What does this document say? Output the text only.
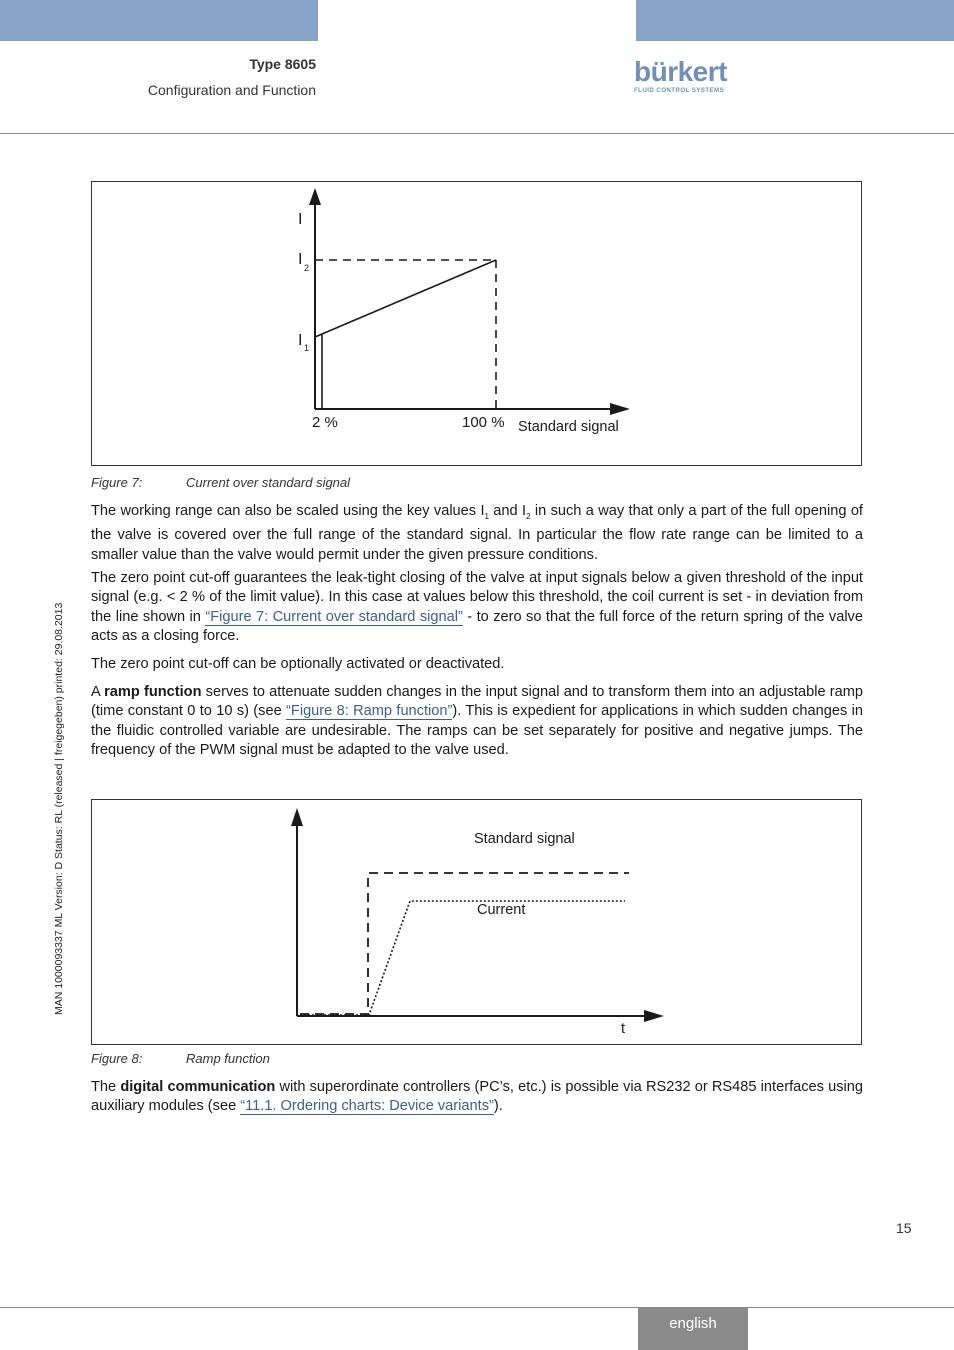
Type 8605
Configuration and Function
bürkert
FLUID CONTROL SYSTEMS
MAN 1000093337 ML Version: D Status: RL (released | freigegeben) printed: 29.08.2013
I
I 2
I 1
2 %	100 % Standard signal
Figure 7:	Current over standard signal

The working range can also be scaled using the key values $I_1$ and $I_2$ in such a way that only a part of the full opening of the valve is covered over the full range of the standard signal. In particular the flow rate range can be limited to a smaller value than the valve would permit under the given pressure conditions.

The zero point cut-off guarantees the leak-tight closing of the valve at input signals below a given threshold of the input signal (e.g. < 2 % of the limit value). In this case at values below this threshold, the coil current is set - in deviation from the line shown in “Figure 7: Current over standard signal” - to zero so that the full force of the return spring of the valve acts as a closing force.

The zero point cut-off can be optionally activated or deactivated.

A ramp function serves to attenuate sudden changes in the input signal and to transform them into an adjustable ramp (time constant 0 to 10 s) (see “Figure 8: Ramp function”). This is expedient for applications in which sudden changes in the fluidic controlled variable are undesirable. The ramps can be set separately for positive and negative jumps. The frequency of the PWM signal must be adapted to the valve used.

Standard signal
Current
t
Figure 8:	Ramp function

The digital communication with superordinate controllers (PC’s, etc.) is possible via RS232 or RS485 interfaces using auxiliary modules (see “11.1. Ordering charts: Device variants”).

15
english
